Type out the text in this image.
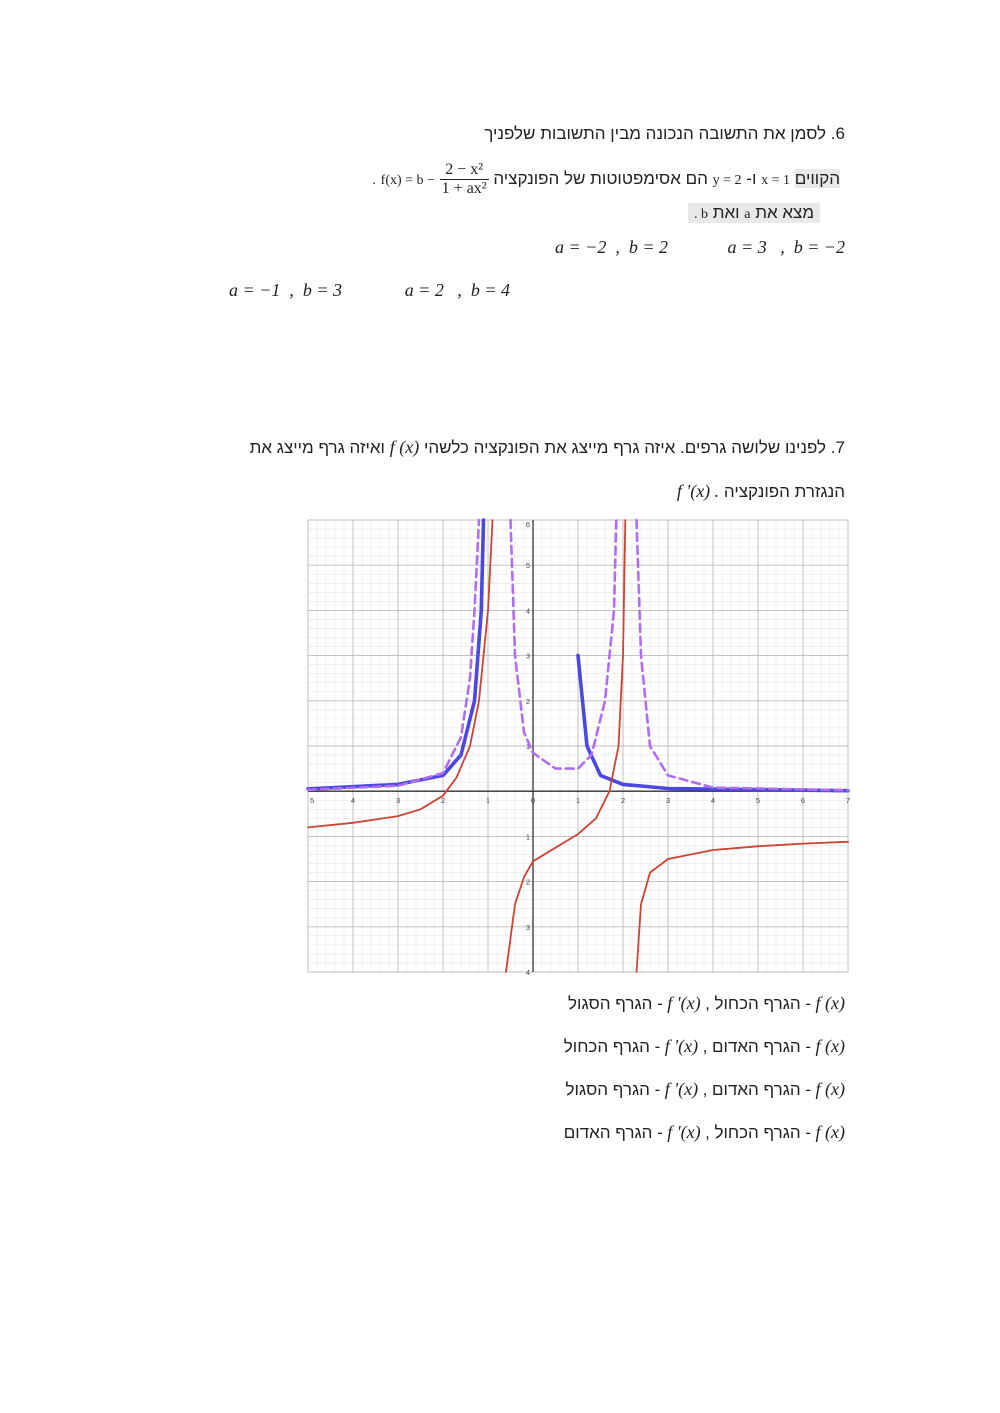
6. לסמן את התשובה הנכונה מבין התשובות שלפניך
הקווים x = 1 ו- y = 2 הם אסימפטוטות של הפונקציה . $f(x) = b - \frac{\text{2 − x²}}{\text{1 + ax²}}$
מצא את a ואת b .
a = 3   ,  b = −2
a = −2  ,  b = 2
a = 2   ,  b = 4
a = −1  ,  b = 3
7. לפנינו שלושה גרפים. איזה גרף מייצג את הפונקציה כלשהי f (x) ואיזה גרף מייצג את
הנגזרת הפונקציה f '(x) .
5	4	3	2	1	0	1	2	3	4	5	6	7
6
5
4
3
2
1
1
2
3
4
- הגרף הסגול f '(x) - הגרף הכחול , f (x)
- הגרף הכחול f '(x) - הגרף האדום , f (x)
- הגרף הסגול f '(x) - הגרף האדום , f (x)
- הגרף האדום f '(x) - הגרף הכחול , f (x)
